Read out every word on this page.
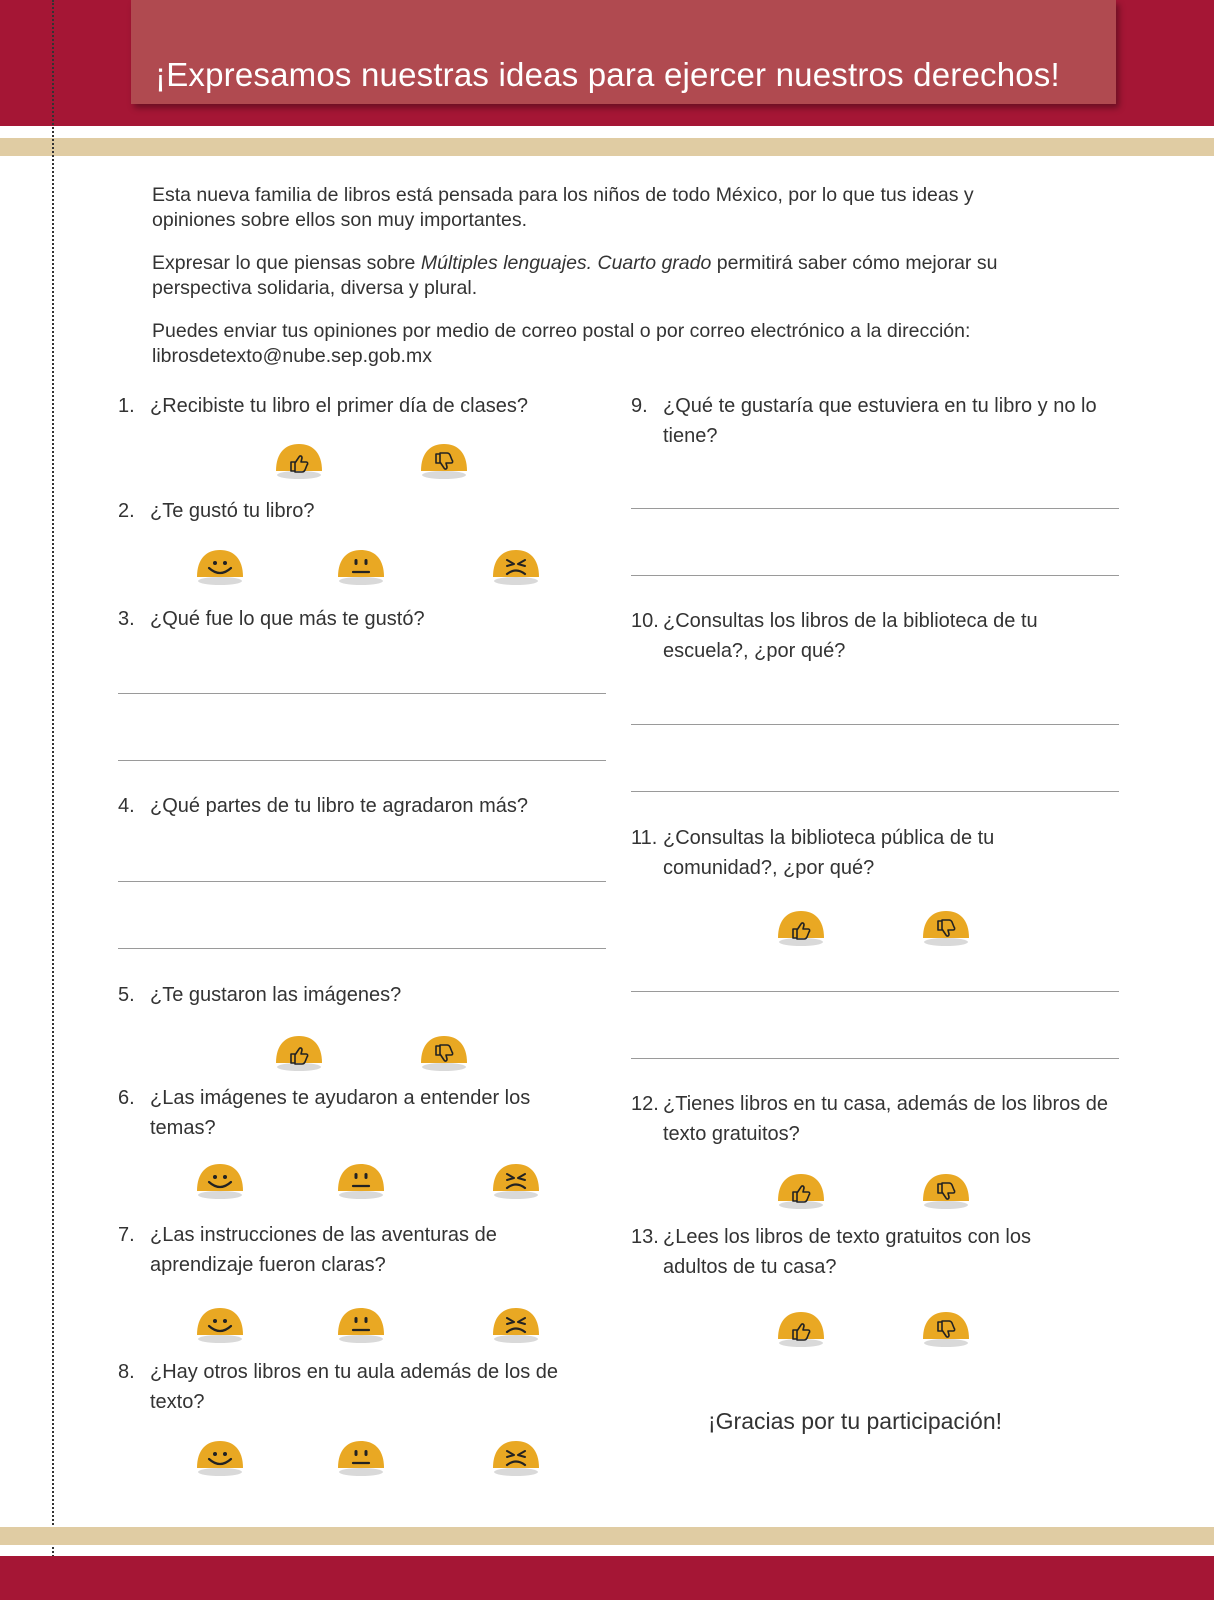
¡Expresamos nuestras ideas para ejercer nuestros derechos!
Esta nueva familia de libros está pensada para los niños de todo México, por lo que tus ideas y opiniones sobre ellos son muy importantes.
Expresar lo que piensas sobre Múltiples lenguajes. Cuarto grado permitirá saber cómo mejorar su perspectiva solidaria, diversa y plural.
Puedes enviar tus opiniones por medio de correo postal o por correo electrónico a la dirección: librosdetexto@nube.sep.gob.mx
1. ¿Recibiste tu libro el primer día de clases?
2. ¿Te gustó tu libro?
3. ¿Qué fue lo que más te gustó?
4. ¿Qué partes de tu libro te agradaron más?
5. ¿Te gustaron las imágenes?
6. ¿Las imágenes te ayudaron a entender los temas?
7. ¿Las instrucciones de las aventuras de aprendizaje fueron claras?
8. ¿Hay otros libros en tu aula además de los de texto?
9. ¿Qué te gustaría que estuviera en tu libro y no lo tiene?
10. ¿Consultas los libros de la biblioteca de tu escuela?, ¿por qué?
11. ¿Consultas la biblioteca pública de tu comunidad?, ¿por qué?
12. ¿Tienes libros en tu casa, además de los libros de texto gratuitos?
13. ¿Lees los libros de texto gratuitos con los adultos de tu casa?
¡Gracias por tu participación!
